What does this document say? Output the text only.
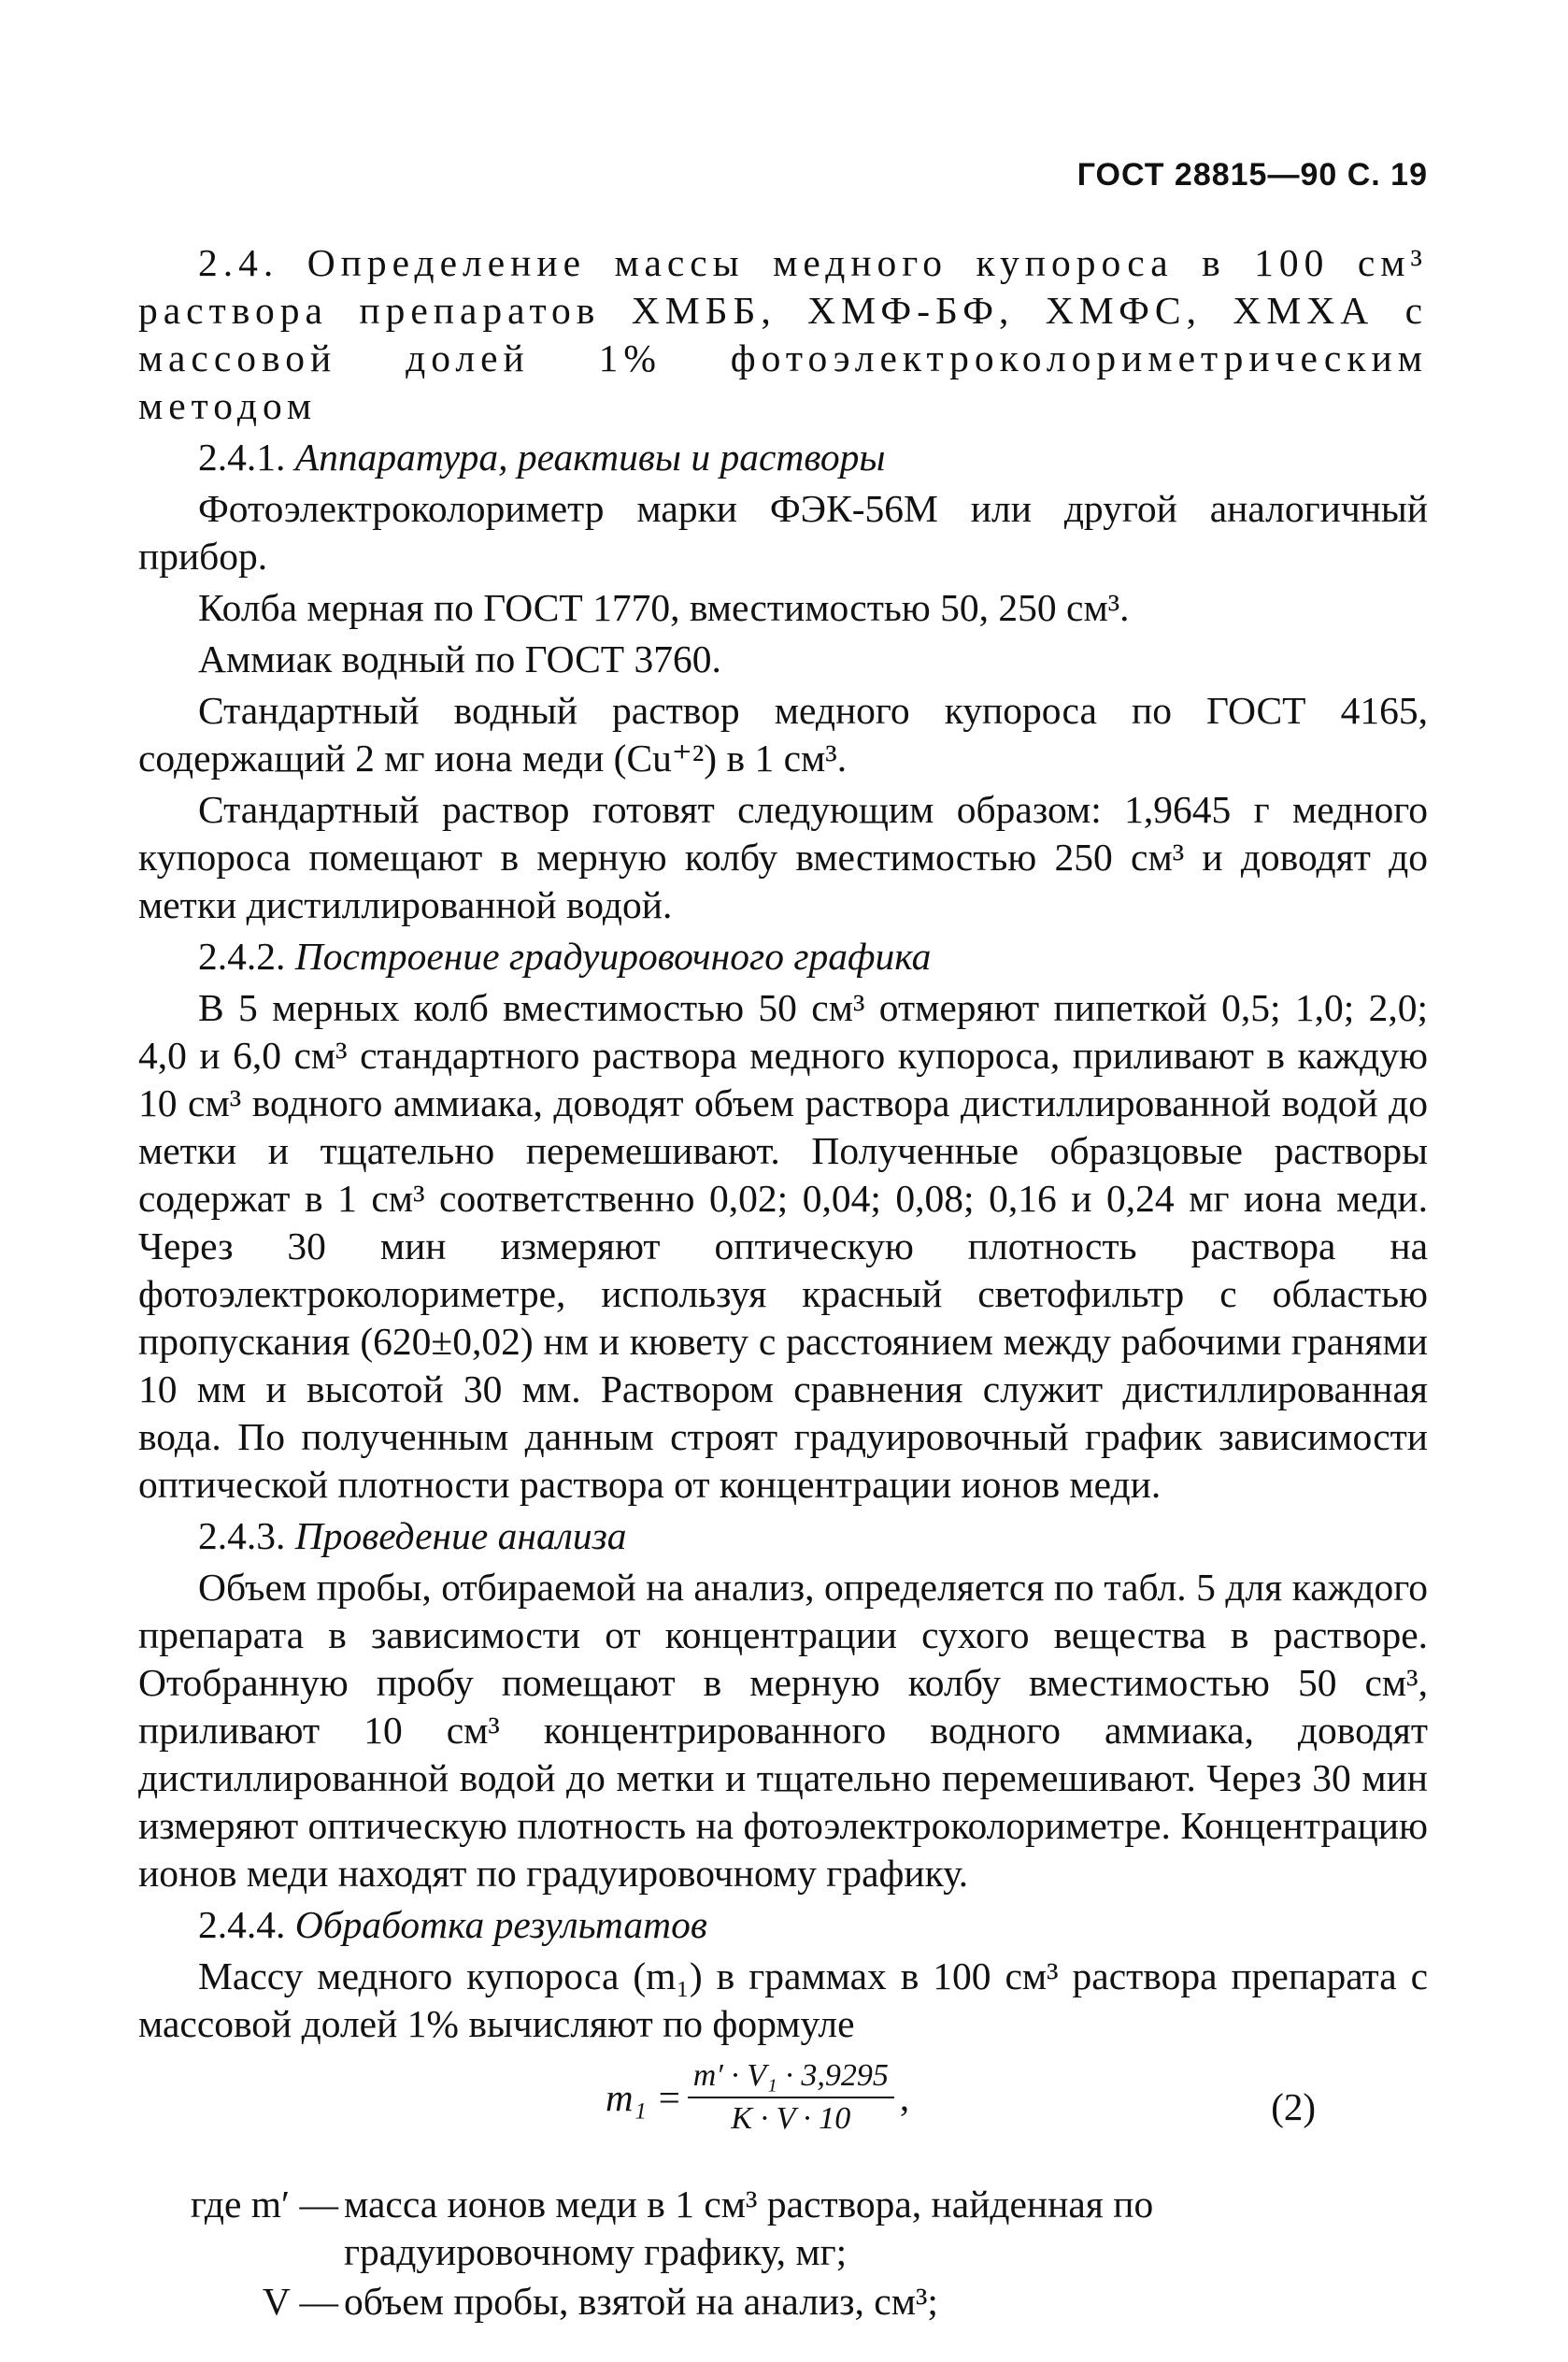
ГОСТ 28815—90 С. 19

2.4. Определение массы медного купороса в 100 см³ раствора препаратов ХМББ, ХМФ-БФ, ХМФС, ХМХА с массовой долей 1% фотоэлектроколориметрическим методом

2.4.1. Аппаратура, реактивы и растворы

Фотоэлектроколориметр марки ФЭК-56М или другой аналогичный прибор.

Колба мерная по ГОСТ 1770, вместимостью 50, 250 см³.

Аммиак водный по ГОСТ 3760.

Стандартный водный раствор медного купороса по ГОСТ 4165, содержащий 2 мг иона меди (Cu⁺²) в 1 см³.

Стандартный раствор готовят следующим образом: 1,9645 г медного купороса помещают в мерную колбу вместимостью 250 см³ и доводят до метки дистиллированной водой.

2.4.2. Построение градуировочного графика

В 5 мерных колб вместимостью 50 см³ отмеряют пипеткой 0,5; 1,0; 2,0; 4,0 и 6,0 см³ стандартного раствора медного купороса, приливают в каждую 10 см³ водного аммиака, доводят объем раствора дистиллированной водой до метки и тщательно перемешивают. Полученные образцовые растворы содержат в 1 см³ соответственно 0,02; 0,04; 0,08; 0,16 и 0,24 мг иона меди. Через 30 мин измеряют оптическую плотность раствора на фотоэлектроколориметре, используя красный светофильтр с областью пропускания (620±0,02) нм и кювету с расстоянием между рабочими гранями 10 мм и высотой 30 мм. Раствором сравнения служит дистиллированная вода. По полученным данным строят градуировочный график зависимости оптической плотности раствора от концентрации ионов меди.

2.4.3. Проведение анализа

Объем пробы, отбираемой на анализ, определяется по табл. 5 для каждого препарата в зависимости от концентрации сухого вещества в растворе. Отобранную пробу помещают в мерную колбу вместимостью 50 см³, приливают 10 см³ концентрированного водного аммиака, доводят дистиллированной водой до метки и тщательно перемешивают. Через 30 мин измеряют оптическую плотность на фотоэлектроколориметре. Концентрацию ионов меди находят по градуировочному графику.

2.4.4. Обработка результатов

Массу медного купороса (m₁) в граммах в 100 см³ раствора препарата с массовой долей 1% вычисляют по формуле

$m_1 = \frac{\text{m′ · V₁ · 3,9295}}{K \cdot V \cdot 10}$ ,	(2)
где m′ — масса ионов меди в 1 см³ раствора, найденная по градуировочному графику, мг;
V — объем пробы, взятой на анализ, см³;
